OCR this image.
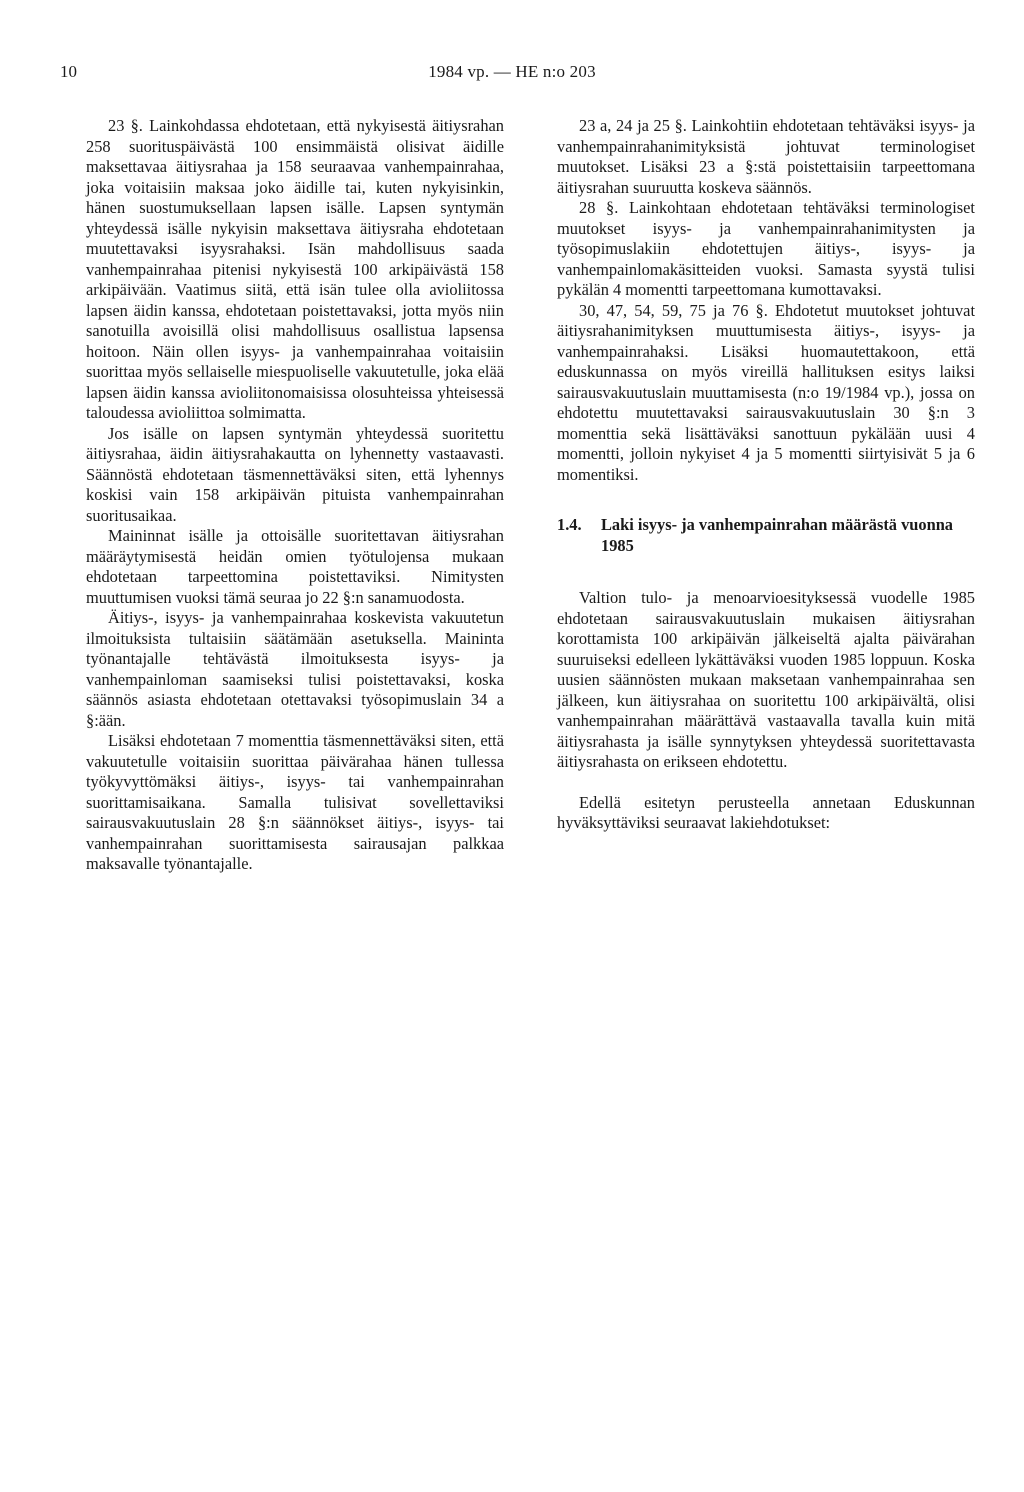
10	1984 vp. — HE n:o 203

23 §. Lainkohdassa ehdotetaan, että nykyisestä äitiysrahan 258 suorituspäivästä 100 ensimmäistä olisivat äidille maksettavaa äitiysrahaa ja 158 seuraavaa vanhempainrahaa, joka voitaisiin maksaa joko äidille tai, kuten nykyisinkin, hänen suostumuksellaan lapsen isälle. Lapsen syntymän yhteydessä isälle nykyisin maksettava äitiysraha ehdotetaan muutettavaksi isyysrahaksi. Isän mahdollisuus saada vanhempainrahaa pitenisi nykyisestä 100 arkipäivästä 158 arkipäivään. Vaatimus siitä, että isän tulee olla avioliitossa lapsen äidin kanssa, ehdotetaan poistettavaksi, jotta myös niin sanotuilla avoisillä olisi mahdollisuus osallistua lapsensa hoitoon. Näin ollen isyys- ja vanhempainrahaa voitaisiin suorittaa myös sellaiselle miespuoliselle vakuutetulle, joka elää lapsen äidin kanssa avioliitonomaisissa olosuhteissa yhteisessä taloudessa avioliittoa solmimatta.

Jos isälle on lapsen syntymän yhteydessä suoritettu äitiysrahaa, äidin äitiysrahakautta on lyhennetty vastaavasti. Säännöstä ehdotetaan täsmennettäväksi siten, että lyhennys koskisi vain 158 arkipäivän pituista vanhempainrahan suoritusaikaa.

Maininnat isälle ja ottoisälle suoritettavan äitiysrahan määräytymisestä heidän omien työtulojensa mukaan ehdotetaan tarpeettomina poistettaviksi. Nimitysten muuttumisen vuoksi tämä seuraa jo 22 §:n sanamuodosta.

Äitiys-, isyys- ja vanhempainrahaa koskevista vakuutetun ilmoituksista tultaisiin säätämään asetuksella. Maininta työnantajalle tehtävästä ilmoituksesta isyys- ja vanhempainloman saamiseksi tulisi poistettavaksi, koska säännös asiasta ehdotetaan otettavaksi työsopimuslain 34 a §:ään.

Lisäksi ehdotetaan 7 momenttia täsmennettäväksi siten, että vakuutetulle voitaisiin suorittaa päivärahaa hänen tullessa työkyvyttömäksi äitiys-, isyys- tai vanhempainrahan suorittamisaikana. Samalla tulisivat sovellettaviksi sairausvakuutuslain 28 §:n säännökset äitiys-, isyys- tai vanhempainrahan suorittamisesta sairausajan palkkaa maksavalle työnantajalle.

23 a, 24 ja 25 §. Lainkohtiin ehdotetaan tehtäväksi isyys- ja vanhempainrahanimityksistä johtuvat terminologiset muutokset. Lisäksi 23 a §:stä poistettaisiin tarpeettomana äitiysrahan suuruutta koskeva säännös.

28 §. Lainkohtaan ehdotetaan tehtäväksi terminologiset muutokset isyys- ja vanhempainrahanimitysten ja työsopimuslakiin ehdotettujen äitiys-, isyys- ja vanhempainlomakäsitteiden vuoksi. Samasta syystä tulisi pykälän 4 momentti tarpeettomana kumottavaksi.

30, 47, 54, 59, 75 ja 76 §. Ehdotetut muutokset johtuvat äitiysrahanimityksen muuttumisesta äitiys-, isyys- ja vanhempainrahaksi. Lisäksi huomautettakoon, että eduskunnassa on myös vireillä hallituksen esitys laiksi sairausvakuutuslain muuttamisesta (n:o 19/1984 vp.), jossa on ehdotettu muutettavaksi sairausvakuutuslain 30 §:n 3 momenttia sekä lisättäväksi sanottuun pykälään uusi 4 momentti, jolloin nykyiset 4 ja 5 momentti siirtyisivät 5 ja 6 momentiksi.

1.4.	Laki isyys- ja vanhempainrahan määrästä vuonna 1985

Valtion tulo- ja menoarvioesityksessä vuodelle 1985 ehdotetaan sairausvakuutuslain mukaisen äitiysrahan korottamista 100 arkipäivän jälkeiseltä ajalta päivärahan suuruiseksi edelleen lykättäväksi vuoden 1985 loppuun. Koska uusien säännösten mukaan maksetaan vanhempainrahaa sen jälkeen, kun äitiysrahaa on suoritettu 100 arkipäivältä, olisi vanhempainrahan määrättävä vastaavalla tavalla kuin mitä äitiysrahasta ja isälle synnytyksen yhteydessä suoritettavasta äitiysrahasta on erikseen ehdotettu.

Edellä esitetyn perusteella annetaan Eduskunnan hyväksyttäviksi seuraavat lakiehdotukset:
